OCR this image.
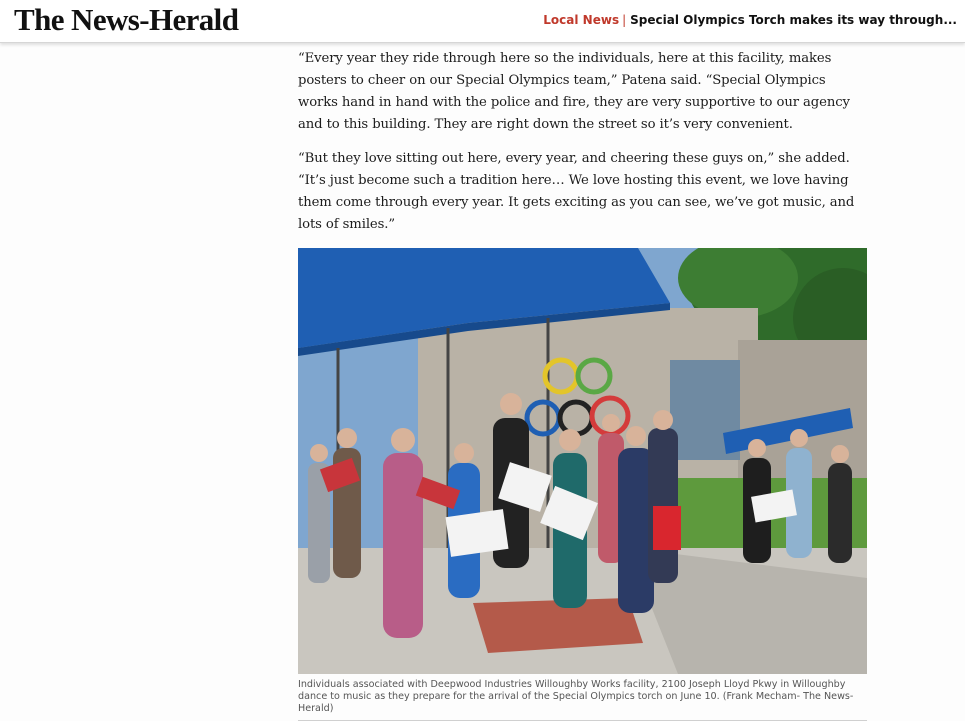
The News-Herald	Local News | Special Olympics Torch makes its way through...

“Every year they ride through here so the individuals, here at this facility, makes posters to cheer on our Special Olympics team,” Patena said. “Special Olympics works hand in hand with the police and fire, they are very supportive to our agency and to this building. They are right down the street so it’s very convenient.

“But they love sitting out here, every year, and cheering these guys on,” she added. “It’s just become such a tradition here… We love hosting this event, we love having them come through every year. It gets exciting as you can see, we’ve got music, and lots of smiles.”

Individuals associated with Deepwood Industries Willoughby Works facility, 2100 Joseph Lloyd Pkwy in Willoughby dance to music as they prepare for the arrival of the Special Olympics torch on June 10. (Frank Mecham- The News-Herald)
